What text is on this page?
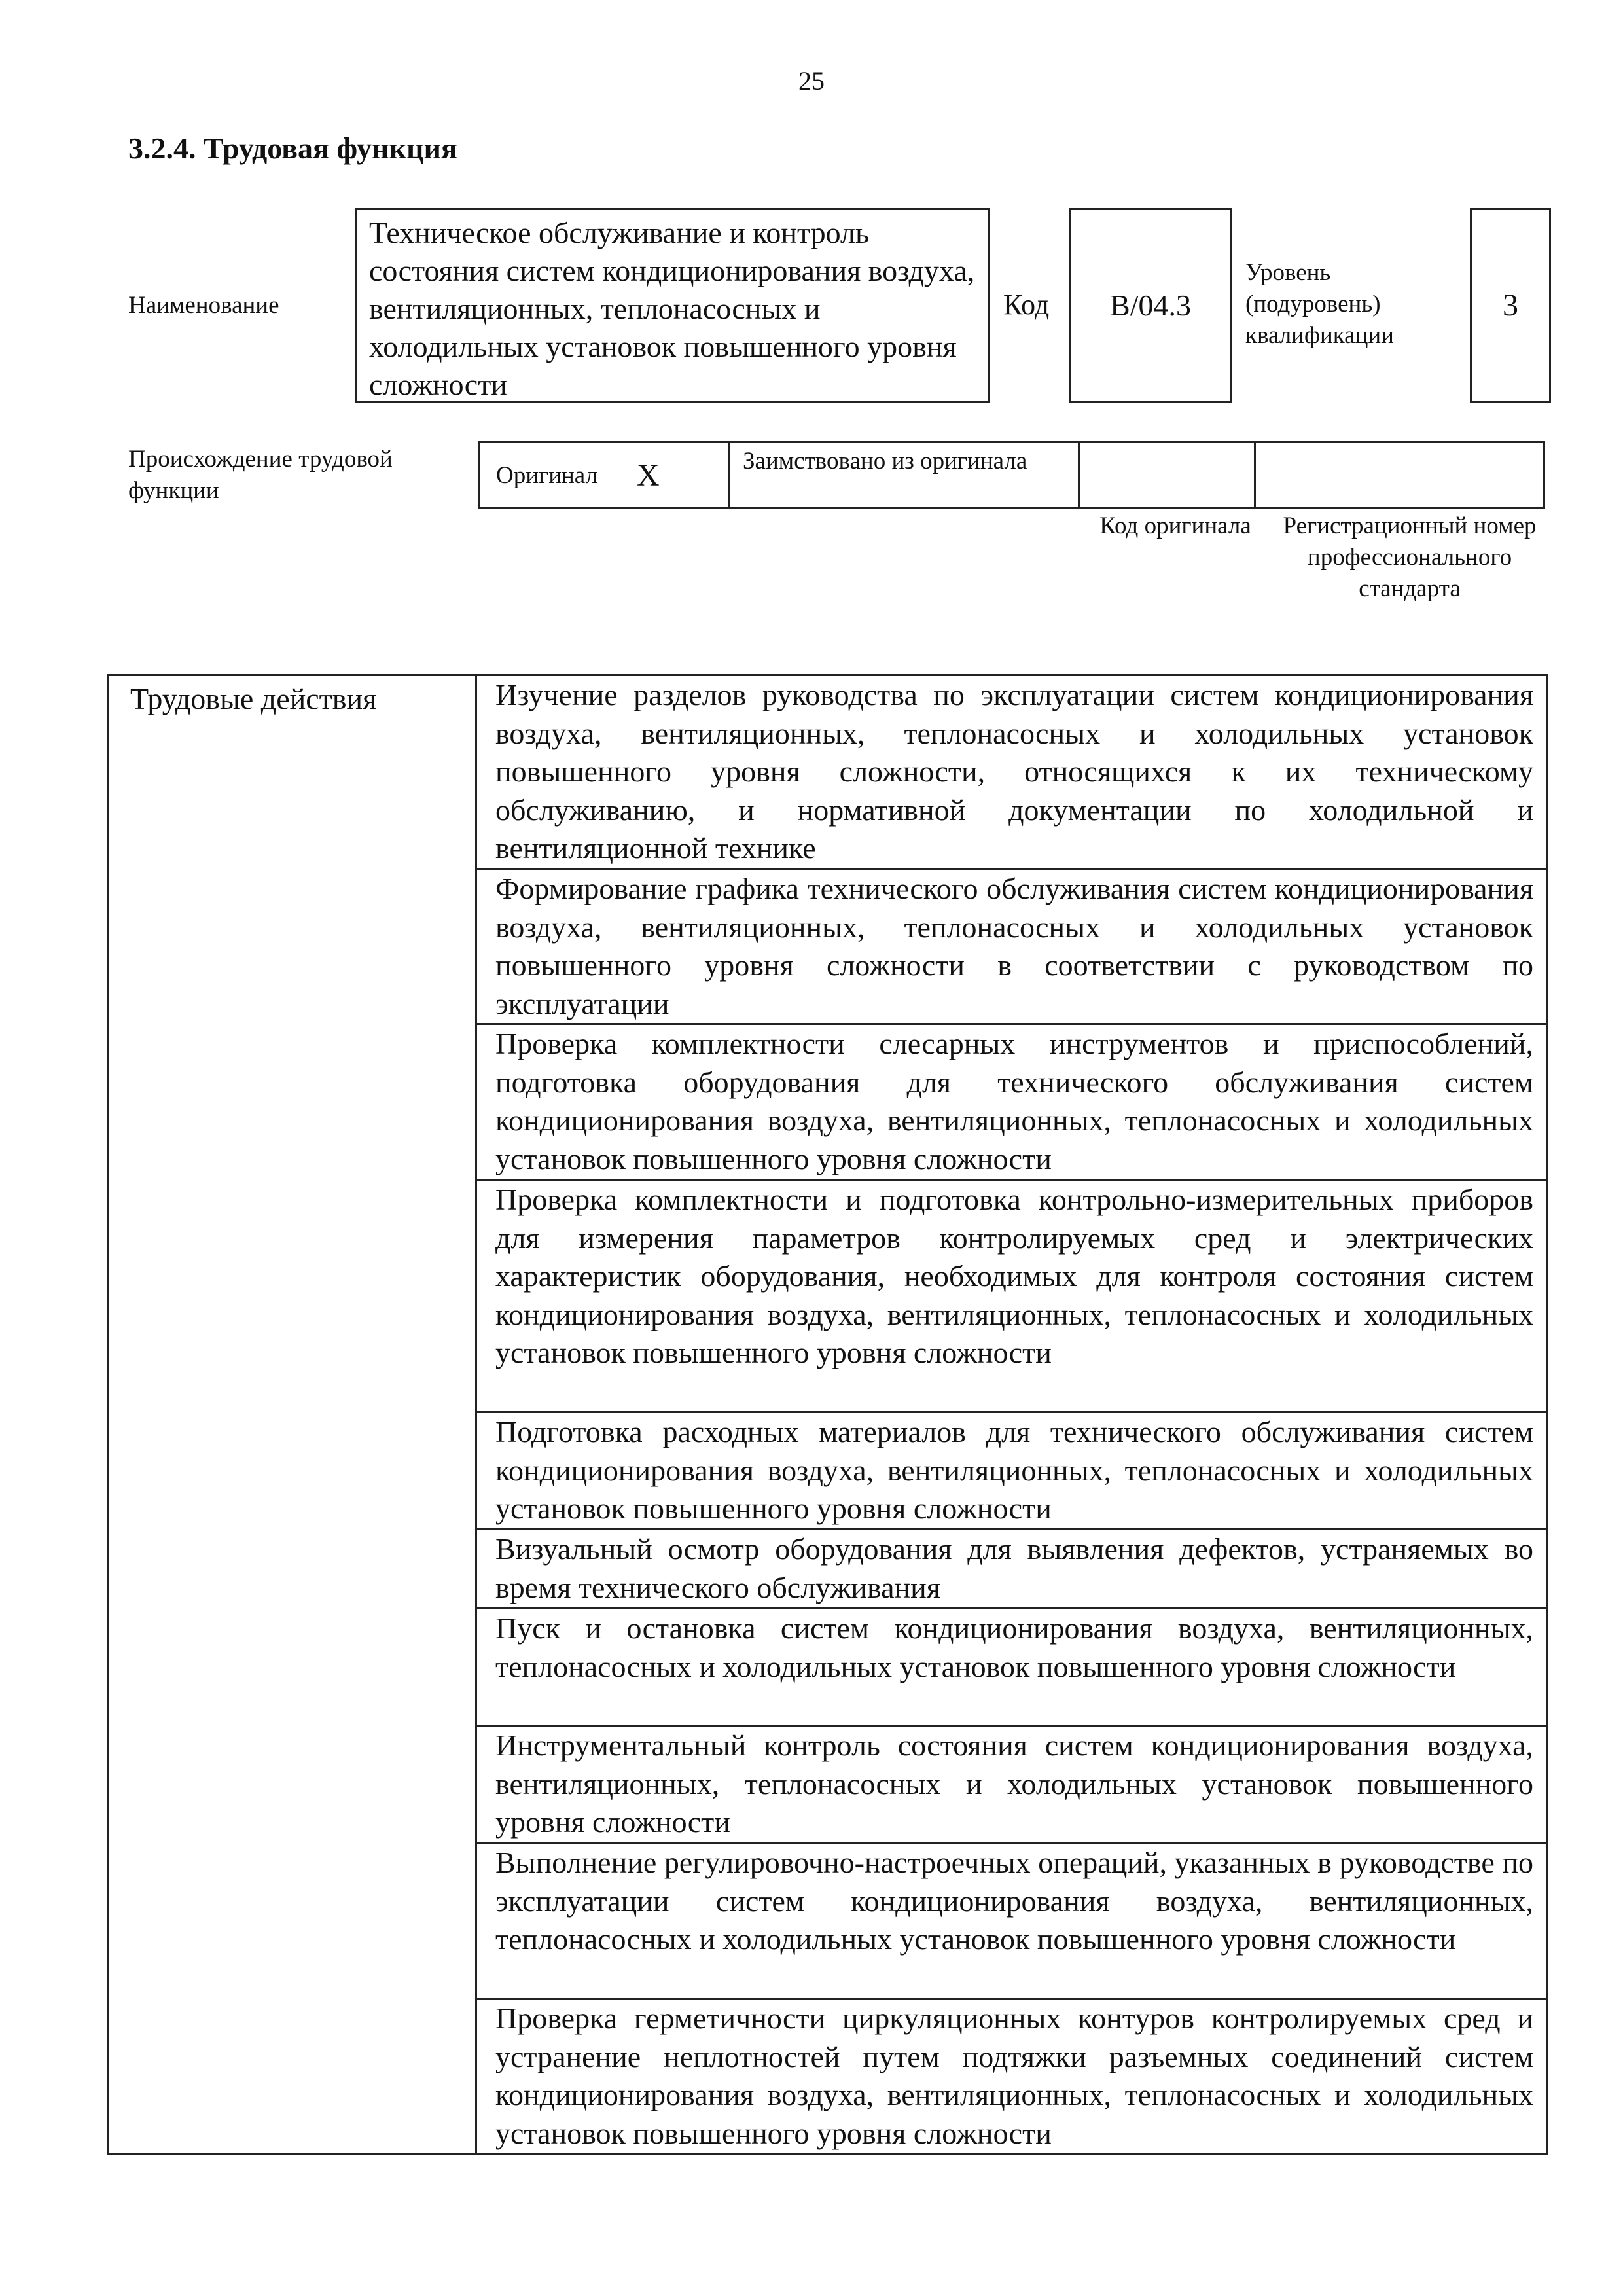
25
3.2.4. Трудовая функция
Наименование
Техническое обслуживание и контроль состояния систем кондиционирования воздуха, вентиляционных, теплонасосных и холодильных установок повышенного уровня сложности
Код	B/04.3
Уровень (подуровень) квалификации
3
Происхождение трудовой функции
Оригинал X	Заимствовано из оригинала
Код оригинала	Регистрационный номер профессионального стандарта
Трудовые действия	Изучение разделов руководства по эксплуатации систем кондиционирования воздуха, вентиляционных, теплонасосных и холодильных установок повышенного уровня сложности, относящихся к их техническому обслуживанию, и нормативной документации по холодильной и вентиляционной технике
Формирование графика технического обслуживания систем кондиционирования воздуха, вентиляционных, теплонасосных и холодильных установок повышенного уровня сложности в соответствии с руководством по эксплуатации
Проверка комплектности слесарных инструментов и приспособлений, подготовка оборудования для технического обслуживания систем кондиционирования воздуха, вентиляционных, теплонасосных и холодильных установок повышенного уровня сложности
Проверка комплектности и подготовка контрольно-измерительных приборов для измерения параметров контролируемых сред и электрических характеристик оборудования, необходимых для контроля состояния систем кондиционирования воздуха, вентиляционных, теплонасосных и холодильных установок повышенного уровня сложности
Подготовка расходных материалов для технического обслуживания систем кондиционирования воздуха, вентиляционных, теплонасосных и холодильных установок повышенного уровня сложности
Визуальный осмотр оборудования для выявления дефектов, устраняемых во время технического обслуживания
Пуск и остановка систем кондиционирования воздуха, вентиляционных, теплонасосных и холодильных установок повышенного уровня сложности
Инструментальный контроль состояния систем кондиционирования воздуха, вентиляционных, теплонасосных и холодильных установок повышенного уровня сложности
Выполнение регулировочно-настроечных операций, указанных в руководстве по эксплуатации систем кондиционирования воздуха, вентиляционных, теплонасосных и холодильных установок повышенного уровня сложности
Проверка герметичности циркуляционных контуров контролируемых сред и устранение неплотностей путем подтяжки разъемных соединений систем кондиционирования воздуха, вентиляционных, теплонасосных и холодильных установок повышенного уровня сложности
